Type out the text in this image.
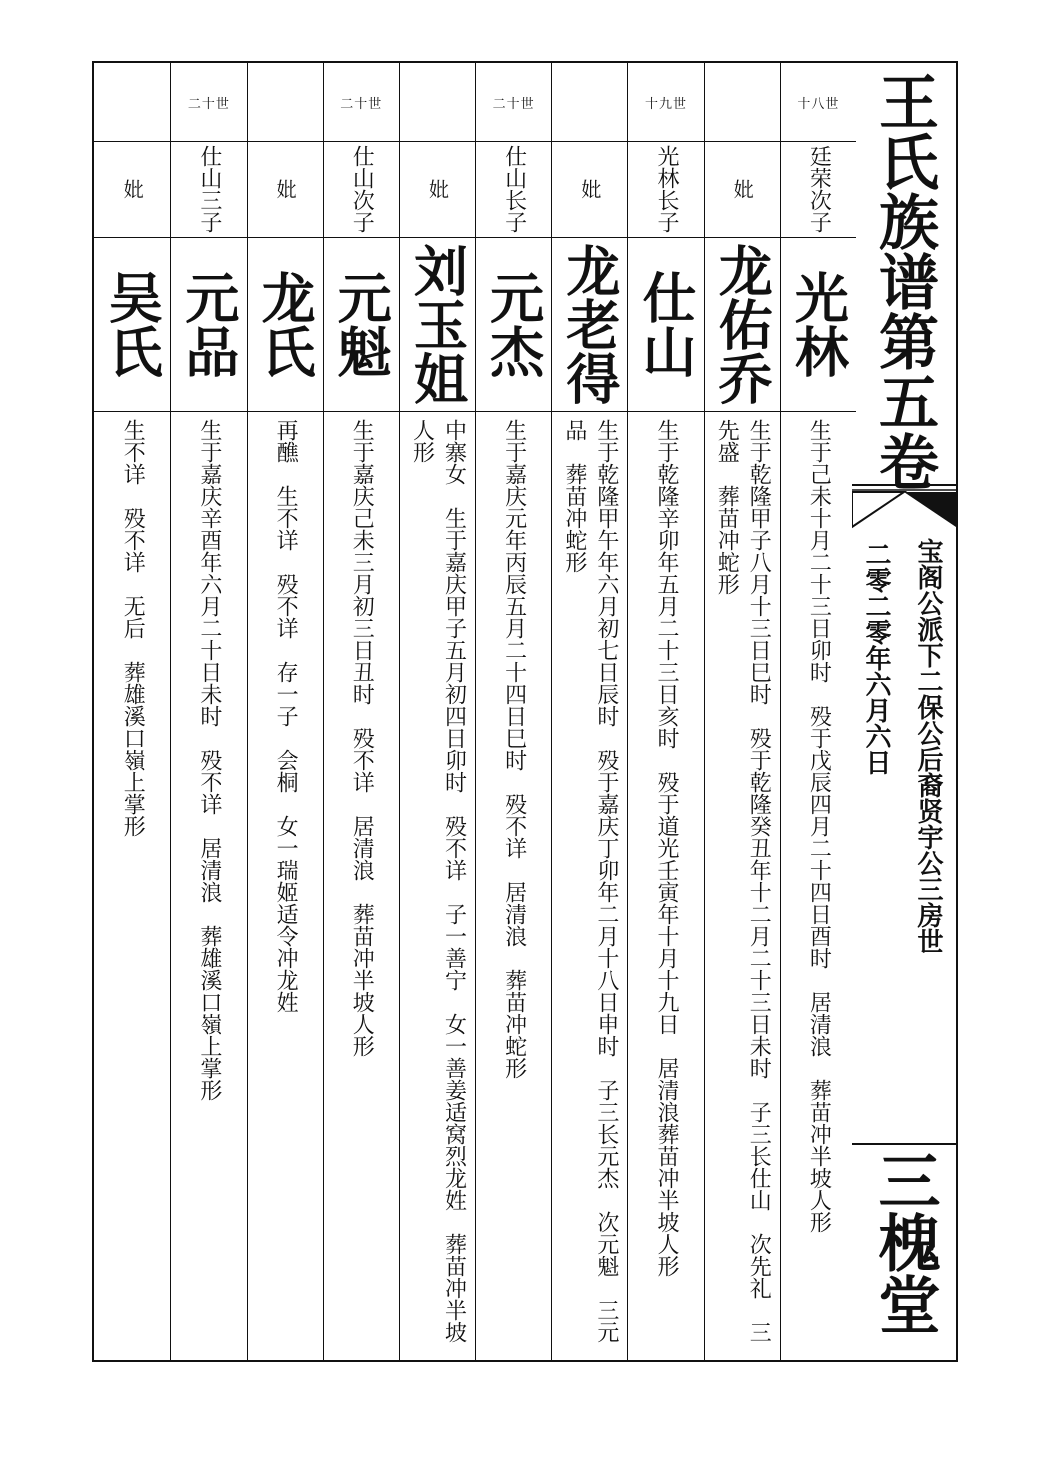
十八世
廷荣次子
光林
生于己未十月二十三日卯时　殁于戊辰四月二十四日酉时　居清浪　葬苗冲半坡人形
妣
龙佑乔
生于乾隆甲子八月十三日巳时　殁于乾隆癸丑年十二月二十三日未时　子三长仕山　次先礼　三先盛　葬苗冲蛇形
十九世
光林长子
仕山
生于乾隆辛卯年五月二十三日亥时　殁于道光壬寅年十月十九日　居清浪葬苗冲半坡人形
妣
龙老得
生于乾隆甲午年六月初七日辰时　殁于嘉庆丁卯年二月十八日申时　子三长元杰　次元魁　三元品　葬苗冲蛇形
二十世
仕山长子
元杰
生于嘉庆元年丙辰五月二十四日巳时　殁不详　居清浪　葬苗冲蛇形
妣
刘玉姐
中寨女　生于嘉庆甲子五月初四日卯时　殁不详　子一善宁　女一善姜适窝烈龙姓　葬苗冲半坡人形
二十世
仕山次子
元魁
生于嘉庆己未三月初三日丑时　殁不详　居清浪　葬苗冲半坡人形
妣
龙氏
再醮　生不详　殁不详　存一子　会桐　女一瑞姬适令冲龙姓
二十世
仕山三子
元品
生于嘉庆辛酉年六月二十日未时　殁不详　居清浪　葬雄溪口嶺上掌形
妣
吴氏
生不详　殁不详　无后　葬雄溪口嶺上掌形
王氏族谱第五卷
宝阁公派下二保公后裔贤宇公三房世
二零二零年六月六日
三槐堂
